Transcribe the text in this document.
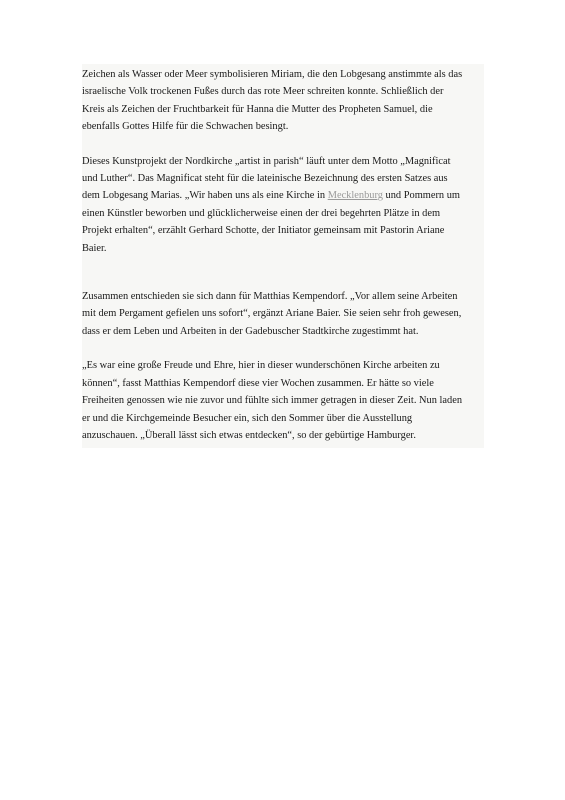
Zeichen als Wasser oder Meer symbolisieren Miriam, die den Lobgesang anstimmte als das
israelische Volk trockenen Fußes durch das rote Meer schreiten konnte. Schließlich der
Kreis als Zeichen der Fruchtbarkeit für Hanna die Mutter des Propheten Samuel, die
ebenfalls Gottes Hilfe für die Schwachen besingt.

Dieses Kunstprojekt der Nordkirche „artist in parish“ läuft unter dem Motto „Magnificat
und Luther“. Das Magnificat steht für die lateinische Bezeichnung des ersten Satzes aus
dem Lobgesang Marias. „Wir haben uns als eine Kirche in Mecklenburg und Pommern um
einen Künstler beworben und glücklicherweise einen der drei begehrten Plätze in dem
Projekt erhalten“, erzählt Gerhard Schotte, der Initiator gemeinsam mit Pastorin Ariane
Baier.

Zusammen entschieden sie sich dann für Matthias Kempendorf. „Vor allem seine Arbeiten
mit dem Pergament gefielen uns sofort“, ergänzt Ariane Baier. Sie seien sehr froh gewesen,
dass er dem Leben und Arbeiten in der Gadebuscher Stadtkirche zugestimmt hat.

„Es war eine große Freude und Ehre, hier in dieser wunderschönen Kirche arbeiten zu
können“, fasst Matthias Kempendorf diese vier Wochen zusammen. Er hätte so viele
Freiheiten genossen wie nie zuvor und fühlte sich immer getragen in dieser Zeit. Nun laden
er und die Kirchgemeinde Besucher ein, sich den Sommer über die Ausstellung
anzuschauen. „Überall lässt sich etwas entdecken“, so der gebürtige Hamburger.
